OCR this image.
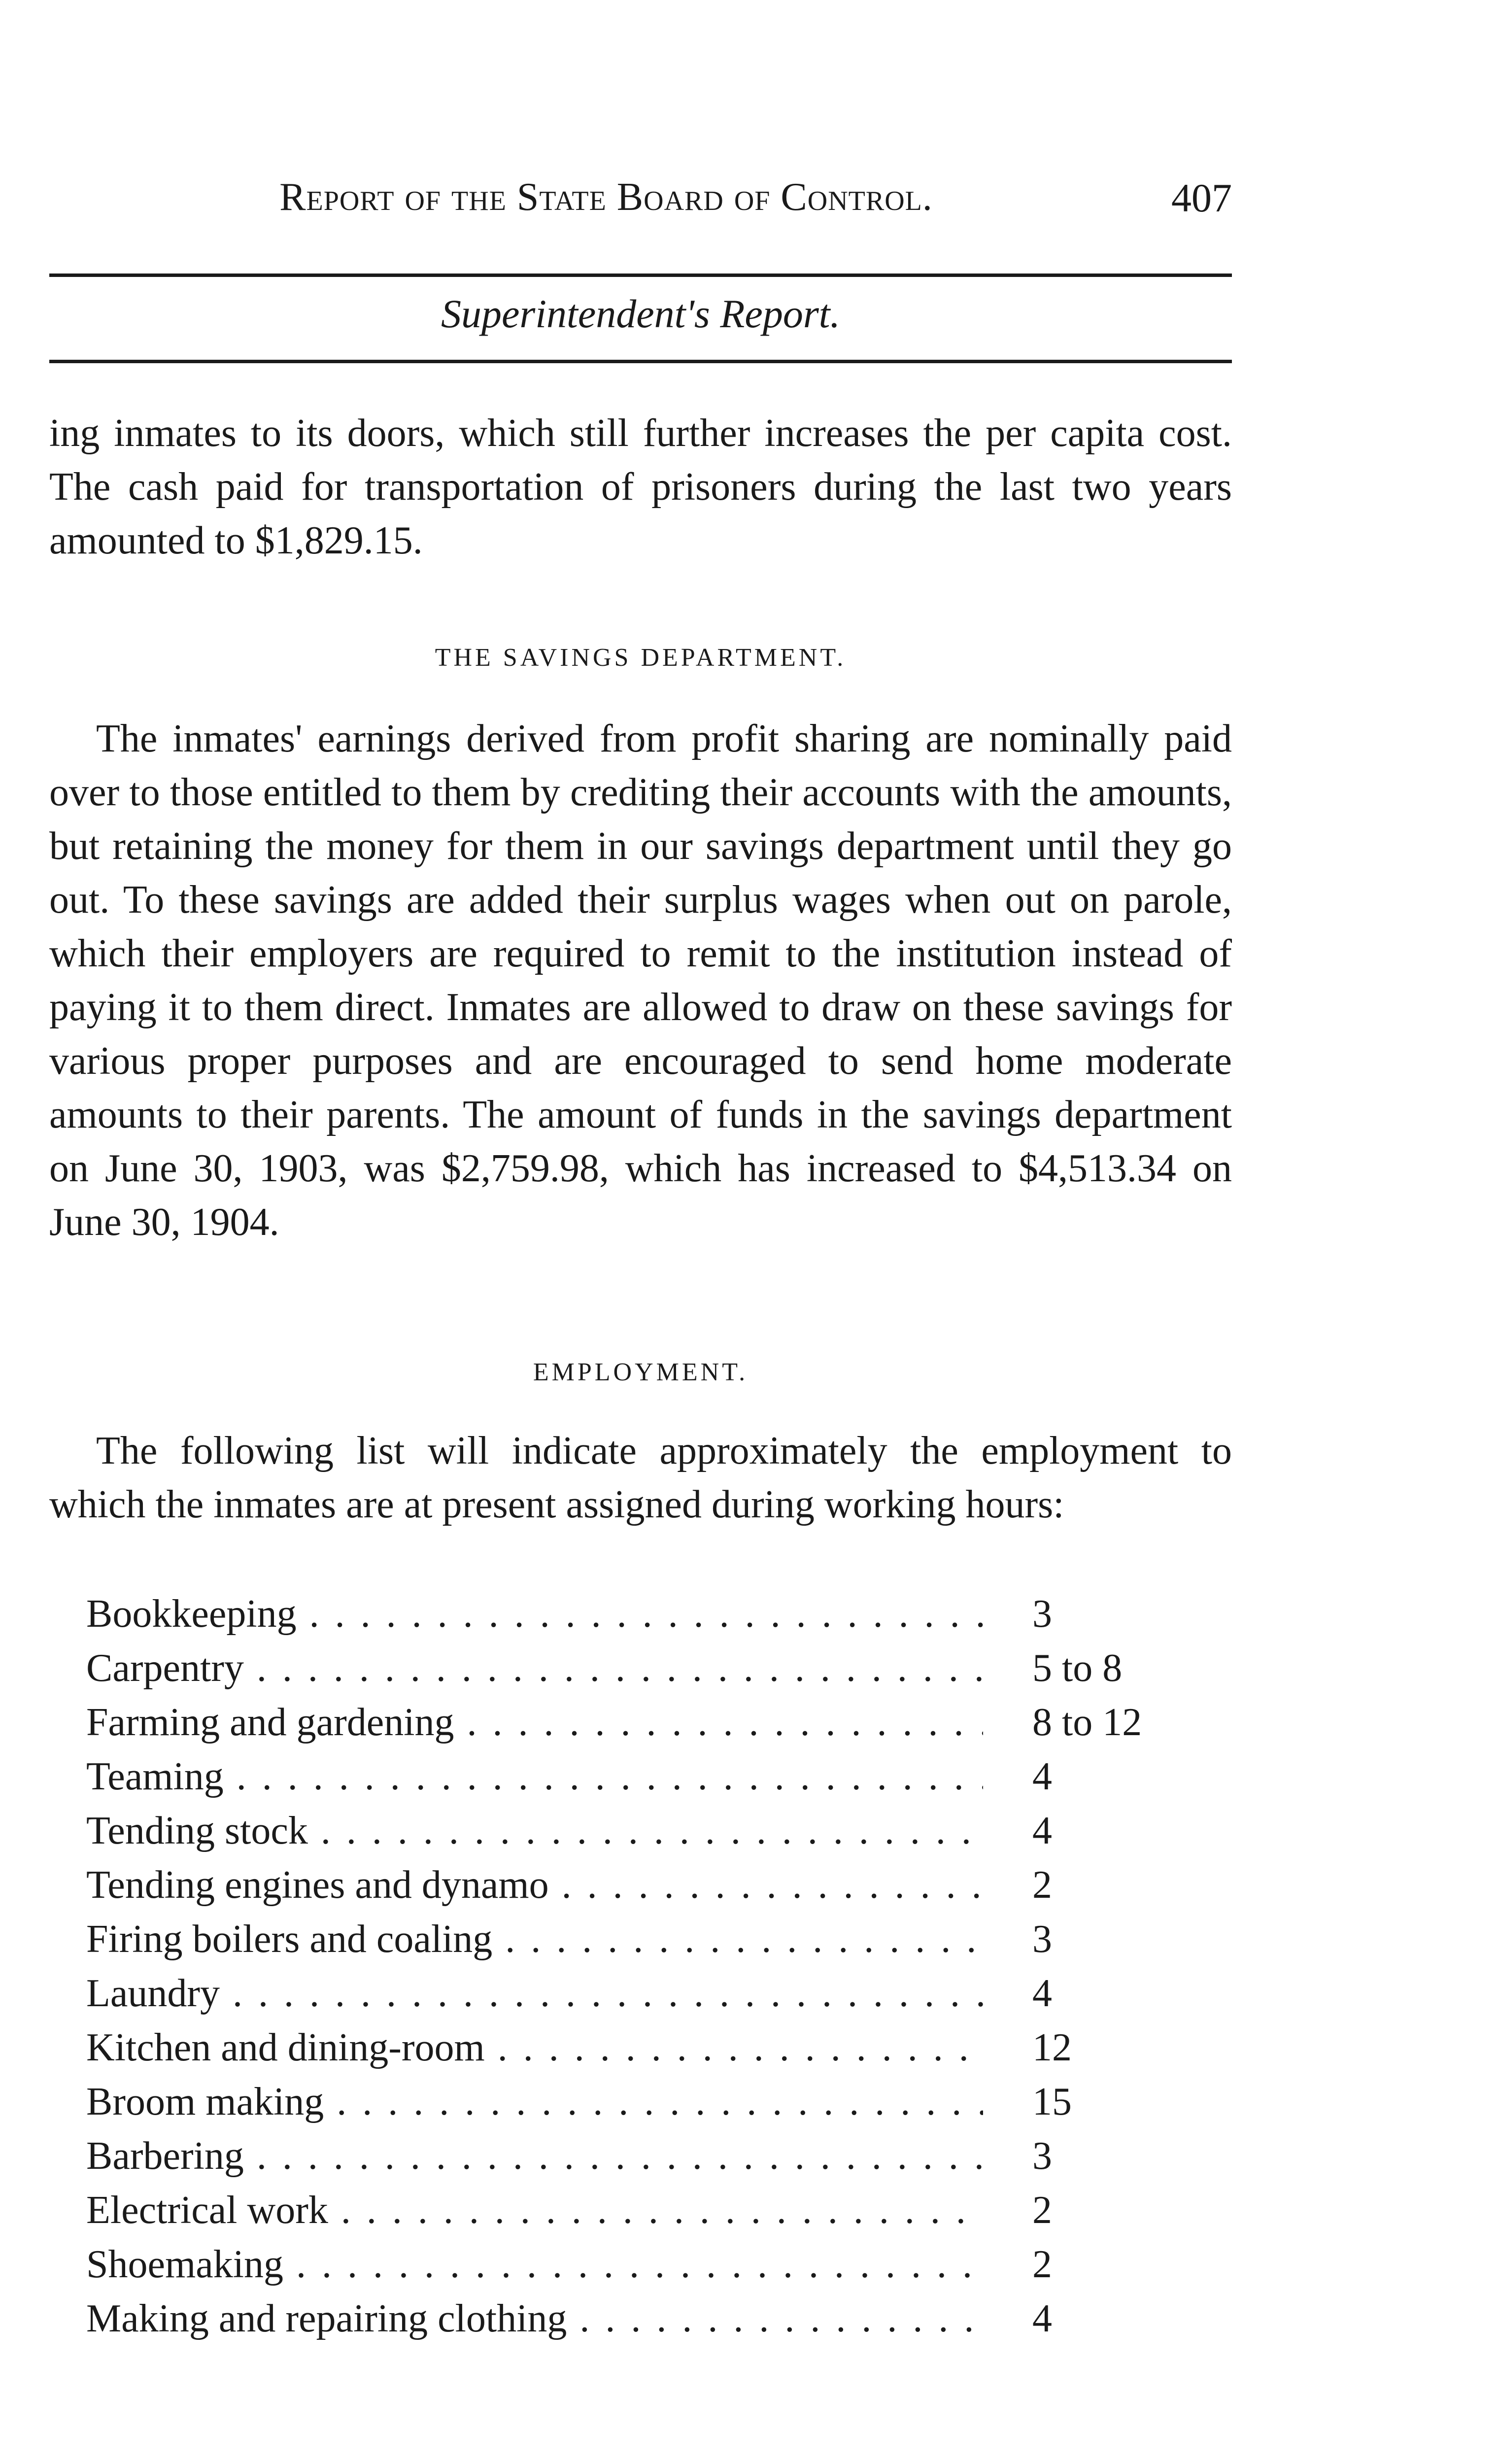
Report of the State Board of Control.	407
Superintendent's Report.
ing inmates to its doors, which still further increases the per capita cost. The cash paid for transportation of prisoners during the last two years amounted to $1,829.15.
THE SAVINGS DEPARTMENT.
The inmates' earnings derived from profit sharing are nominally paid over to those entitled to them by crediting their accounts with the amounts, but retaining the money for them in our savings department until they go out. To these savings are added their surplus wages when out on parole, which their employers are required to remit to the institution instead of paying it to them direct. Inmates are allowed to draw on these savings for various proper purposes and are encouraged to send home moderate amounts to their parents. The amount of funds in the savings department on June 30, 1903, was $2,759.98, which has increased to $4,513.34 on June 30, 1904.
EMPLOYMENT.
The following list will indicate approximately the employment to which the inmates are at present assigned during working hours:
Bookkeeping . . .	3
Carpentry . . .	5 to 8
Farming and gardening . . .	8 to 12
Teaming . . .	4
Tending stock . . .	4
Tending engines and dynamo . . .	2
Firing boilers and coaling . . .	3
Laundry . . .	4
Kitchen and dining-room . . .	12
Broom making . . .	15
Barbering . . .	3
Electrical work . . .	2
Shoemaking . . .	2
Making and repairing clothing . . .	4
